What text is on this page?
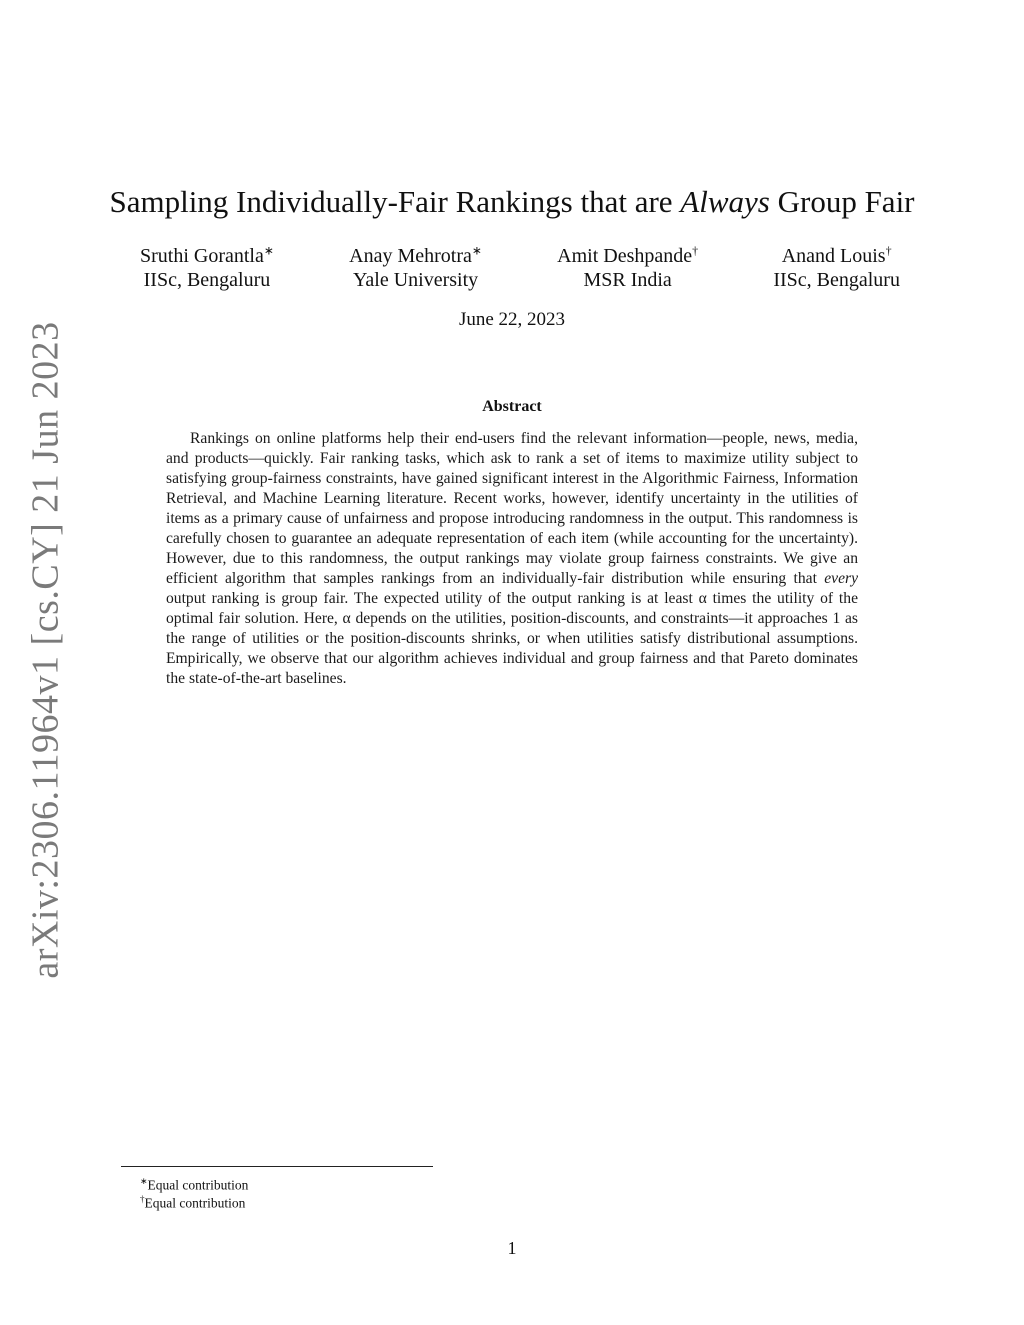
arXiv:2306.11964v1 [cs.CY] 21 Jun 2023
Sampling Individually-Fair Rankings that are Always Group Fair
Sruthi Gorantla∗
IISc, Bengaluru
Anay Mehrotra∗
Yale University
Amit Deshpande†
MSR India
Anand Louis†
IISc, Bengaluru
June 22, 2023
Abstract

Rankings on online platforms help their end-users find the relevant information—people, news, media, and products—quickly. Fair ranking tasks, which ask to rank a set of items to maximize utility subject to satisfying group-fairness constraints, have gained significant interest in the Algorithmic Fairness, Information Retrieval, and Machine Learning literature. Recent works, however, identify uncertainty in the utilities of items as a primary cause of unfairness and propose introducing randomness in the output. This randomness is carefully chosen to guarantee an adequate representation of each item (while accounting for the uncertainty). However, due to this randomness, the output rankings may violate group fairness constraints. We give an efficient algorithm that samples rankings from an individually-fair distribution while ensuring that every output ranking is group fair. The expected utility of the output ranking is at least α times the utility of the optimal fair solution. Here, α depends on the utilities, position-discounts, and constraints—it approaches 1 as the range of utilities or the position-discounts shrinks, or when utilities satisfy distributional assumptions. Empirically, we observe that our algorithm achieves individual and group fairness and that Pareto dominates the state-of-the-art baselines.

∗Equal contribution
†Equal contribution
1
